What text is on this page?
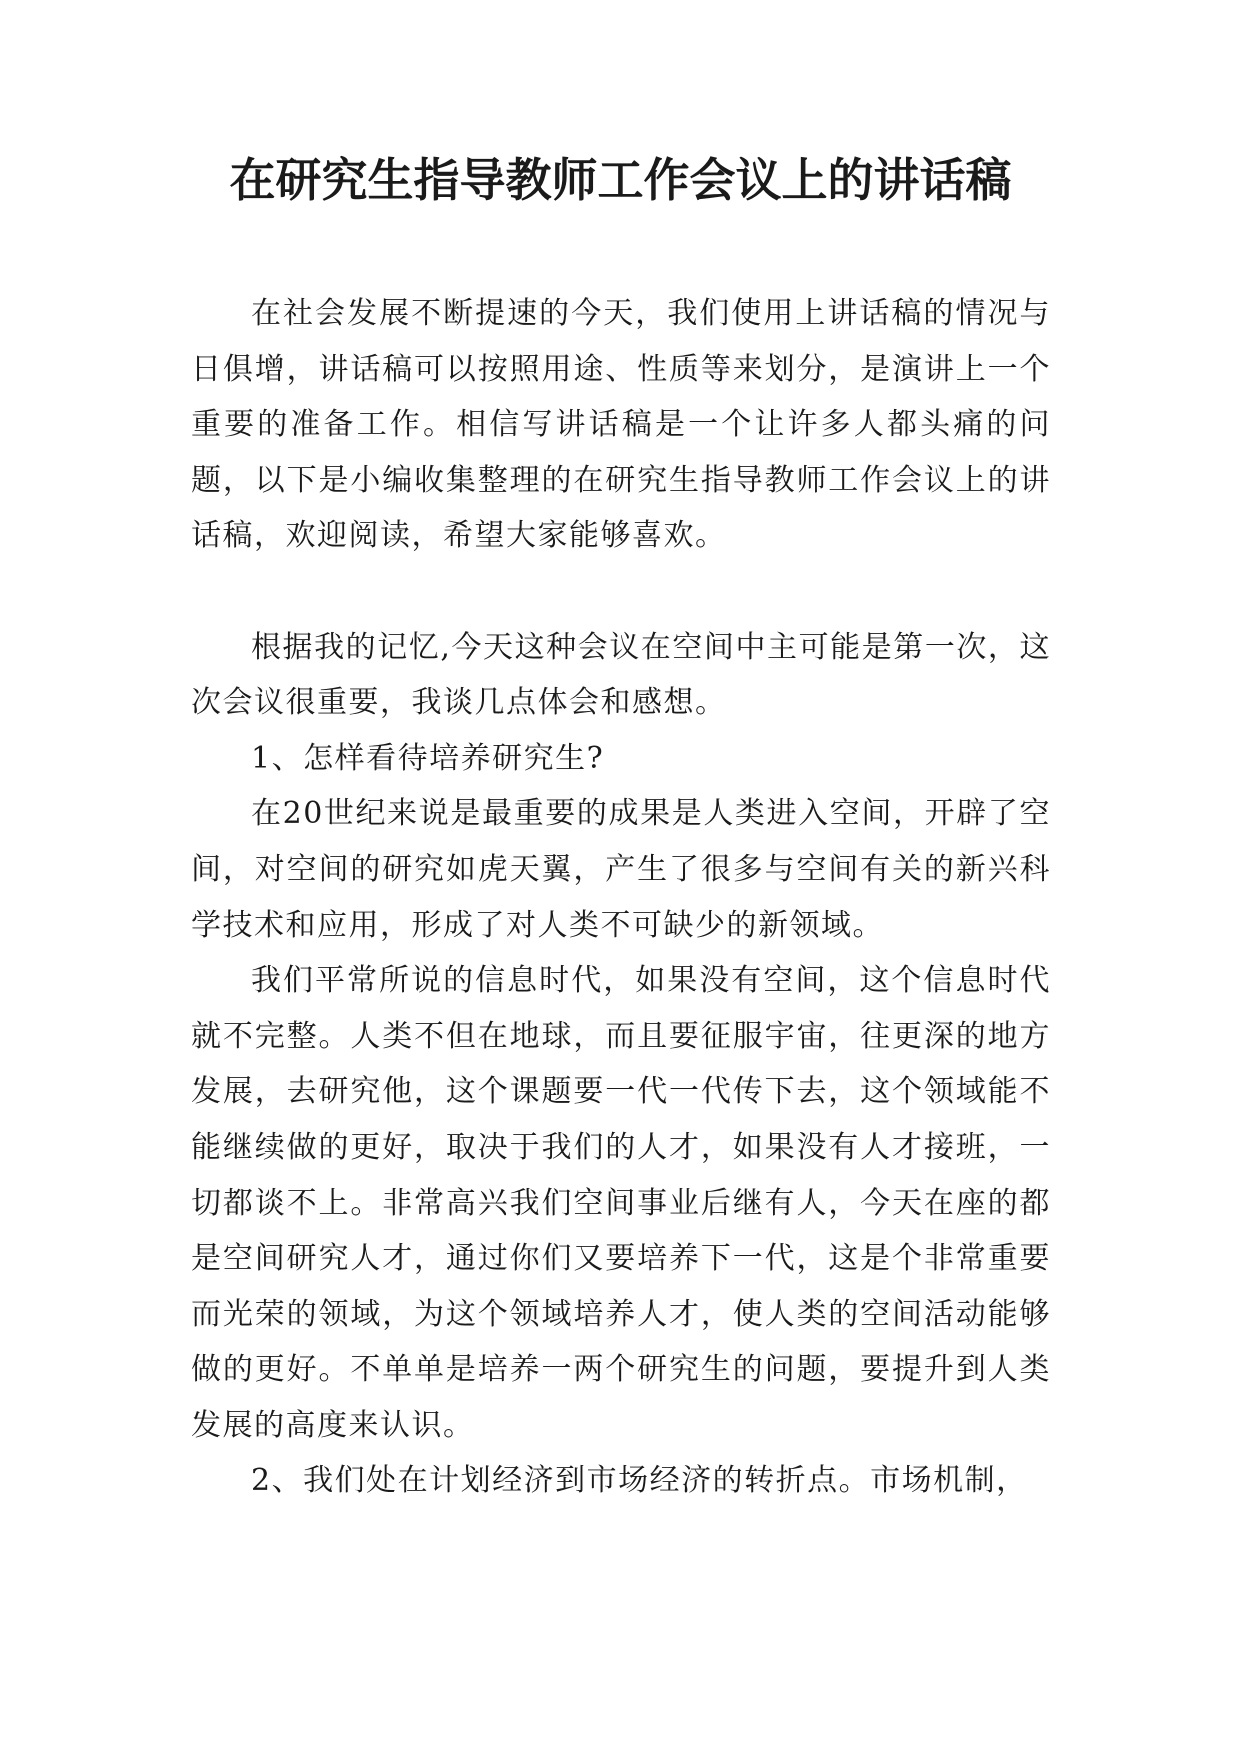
在研究生指导教师工作会议上的讲话稿

在社会发展不断提速的今天，我们使用上讲话稿的情况与日俱增，讲话稿可以按照用途、性质等来划分，是演讲上一个重要的准备工作。相信写讲话稿是一个让许多人都头痛的问题，以下是小编收集整理的在研究生指导教师工作会议上的讲话稿，欢迎阅读，希望大家能够喜欢。

根据我的记忆,今天这种会议在空间中主可能是第一次，这次会议很重要，我谈几点体会和感想。

1、怎样看待培养研究生?

在20世纪来说是最重要的成果是人类进入空间，开辟了空间，对空间的研究如虎天翼，产生了很多与空间有关的新兴科学技术和应用，形成了对人类不可缺少的新领域。

我们平常所说的信息时代，如果没有空间，这个信息时代就不完整。人类不但在地球，而且要征服宇宙，往更深的地方发展，去研究他，这个课题要一代一代传下去，这个领域能不能继续做的更好，取决于我们的人才，如果没有人才接班，一切都谈不上。非常高兴我们空间事业后继有人，今天在座的都是空间研究人才，通过你们又要培养下一代，这是个非常重要而光荣的领域，为这个领域培养人才，使人类的空间活动能够做的更好。不单单是培养一两个研究生的问题，要提升到人类发展的高度来认识。

2、我们处在计划经济到市场经济的转折点。市场机制，
